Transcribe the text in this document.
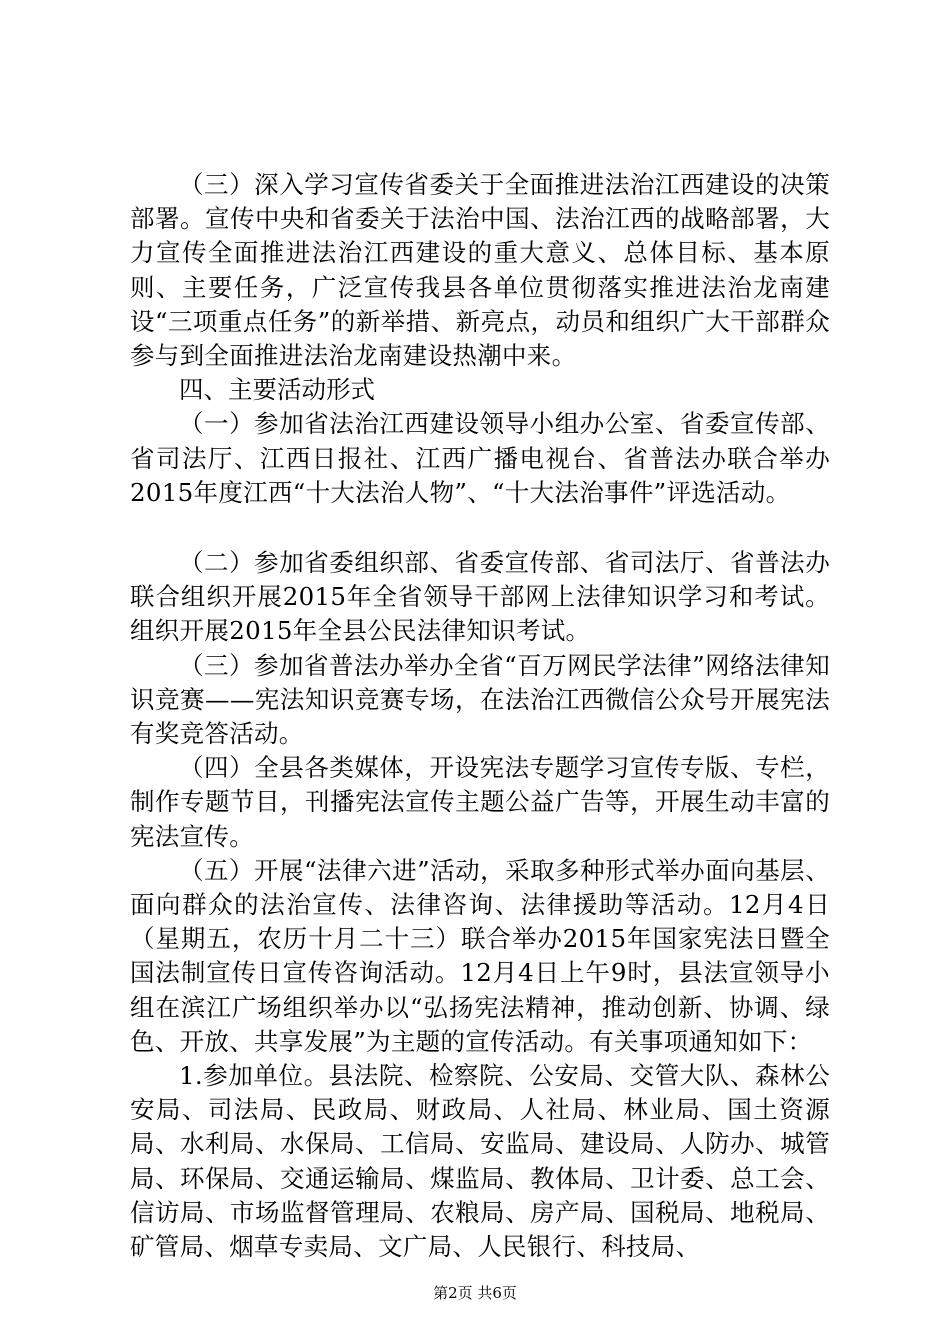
（三）深入学习宣传省委关于全面推进法治江西建设的决策部署。宣传中央和省委关于法治中国、法治江西的战略部署，大力宣传全面推进法治江西建设的重大意义、总体目标、基本原则、主要任务，广泛宣传我县各单位贯彻落实推进法治龙南建设“三项重点任务”的新举措、新亮点，动员和组织广大干部群众参与到全面推进法治龙南建设热潮中来。

四、主要活动形式

（一）参加省法治江西建设领导小组办公室、省委宣传部、省司法厅、江西日报社、江西广播电视台、省普法办联合举办2015年度江西“十大法治人物”、“十大法治事件”评选活动。

（二）参加省委组织部、省委宣传部、省司法厅、省普法办联合组织开展2015年全省领导干部网上法律知识学习和考试。组织开展2015年全县公民法律知识考试。

（三）参加省普法办举办全省“百万网民学法律”网络法律知识竞赛——宪法知识竞赛专场，在法治江西微信公众号开展宪法有奖竞答活动。

（四）全县各类媒体，开设宪法专题学习宣传专版、专栏，制作专题节目，刊播宪法宣传主题公益广告等，开展生动丰富的宪法宣传。

（五）开展“法律六进”活动，采取多种形式举办面向基层、面向群众的法治宣传、法律咨询、法律援助等活动。12月4日（星期五，农历十月二十三）联合举办2015年国家宪法日暨全国法制宣传日宣传咨询活动。12月4日上午9时，县法宣领导小组在滨江广场组织举办以“弘扬宪法精神，推动创新、协调、绿色、开放、共享发展”为主题的宣传活动。有关事项通知如下：

1.参加单位。县法院、检察院、公安局、交管大队、森林公安局、司法局、民政局、财政局、人社局、林业局、国土资源局、水利局、水保局、工信局、安监局、建设局、人防办、城管局、环保局、交通运输局、煤监局、教体局、卫计委、总工会、信访局、市场监督管理局、农粮局、房产局、国税局、地税局、矿管局、烟草专卖局、文广局、人民银行、科技局、

第2页 共6页
